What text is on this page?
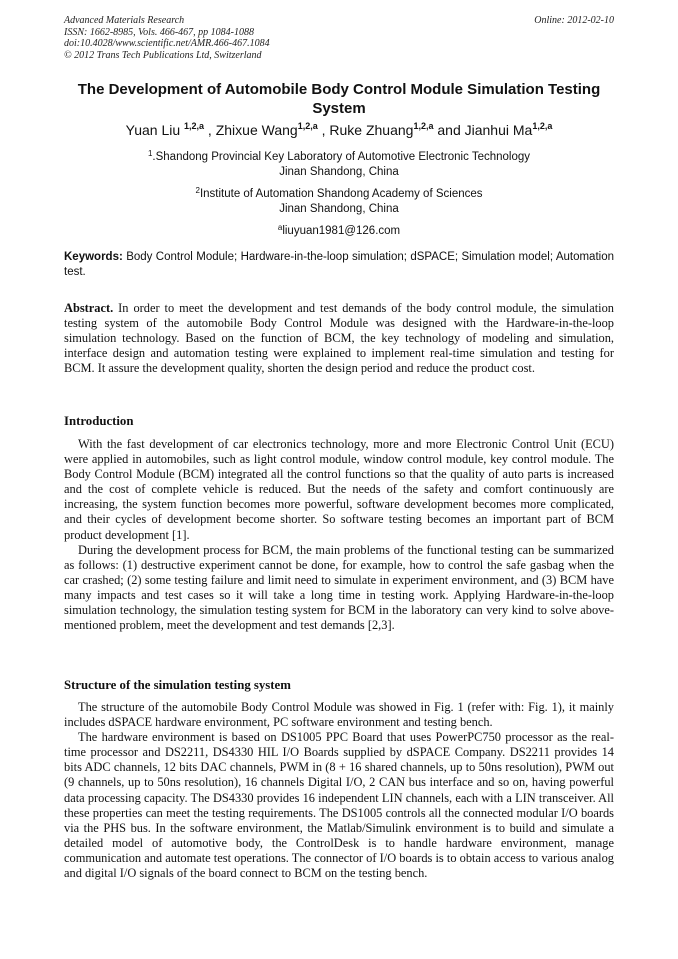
Advanced Materials Research
ISSN: 1662-8985, Vols. 466-467, pp 1084-1088
doi:10.4028/www.scientific.net/AMR.466-467.1084
© 2012 Trans Tech Publications Ltd, Switzerland
Online: 2012-02-10
The Development of Automobile Body Control Module Simulation Testing System
Yuan Liu $^{1,2,a}$ , Zhixue Wang$^{1,2,a}$ , Ruke Zhuang$^{1,2,a}$ and Jianhui Ma$^{1,2,a}$
$^1$.Shandong Provincial Key Laboratory of Automotive Electronic Technology
Jinan Shandong, China
$^2$Institute of Automation Shandong Academy of Sciences
Jinan Shandong, China
$^a$liuyuan1981@126.com
Keywords: Body Control Module; Hardware-in-the-loop simulation; dSPACE; Simulation model; Automation test.
Abstract. In order to meet the development and test demands of the body control module, the simulation testing system of the automobile Body Control Module was designed with the Hardware-in-the-loop simulation technology. Based on the function of BCM, the key technology of modeling and simulation, interface design and automation testing were explained to implement real-time simulation and testing for BCM. It assure the development quality, shorten the design period and reduce the product cost.
Introduction

With the fast development of car electronics technology, more and more Electronic Control Unit (ECU) were applied in automobiles, such as light control module, window control module, key control module. The Body Control Module (BCM) integrated all the control functions so that the quality of auto parts is increased and the cost of complete vehicle is reduced. But the needs of the safety and comfort continuously are increasing, the system function becomes more powerful, software development becomes more complicated, and their cycles of development become shorter. So software testing becomes an important part of BCM product development [1].

During the development process for BCM, the main problems of the functional testing can be summarized as follows: (1) destructive experiment cannot be done, for example, how to control the safe gasbag when the car crashed; (2) some testing failure and limit need to simulate in experiment environment, and (3) BCM have many impacts and test cases so it will take a long time in testing work. Applying Hardware-in-the-loop simulation technology, the simulation testing system for BCM in the laboratory can very kind to solve above-mentioned problem, meet the development and test demands [2,3].

Structure of the simulation testing system

The structure of the automobile Body Control Module was showed in Fig. 1 (refer with: Fig. 1), it mainly includes dSPACE hardware environment, PC software environment and testing bench.

The hardware environment is based on DS1005 PPC Board that uses PowerPC750 processor as the real-time processor and DS2211, DS4330 HIL I/O Boards supplied by dSPACE Company. DS2211 provides 14 bits ADC channels, 12 bits DAC channels, PWM in (8 + 16 shared channels, up to 50ns resolution), PWM out (9 channels, up to 50ns resolution), 16 channels Digital I/O, 2 CAN bus interface and so on, having powerful data processing capacity. The DS4330 provides 16 independent LIN channels, each with a LIN transceiver. All these properties can meet the testing requirements. The DS1005 controls all the connected modular I/O boards via the PHS bus. In the software environment, the Matlab/Simulink environment is to build and simulate a detailed model of automotive body, the ControlDesk is to handle hardware environment, manage communication and automate test operations. The connector of I/O boards is to obtain access to various analog and digital I/O signals of the board connect to BCM on the testing bench.
